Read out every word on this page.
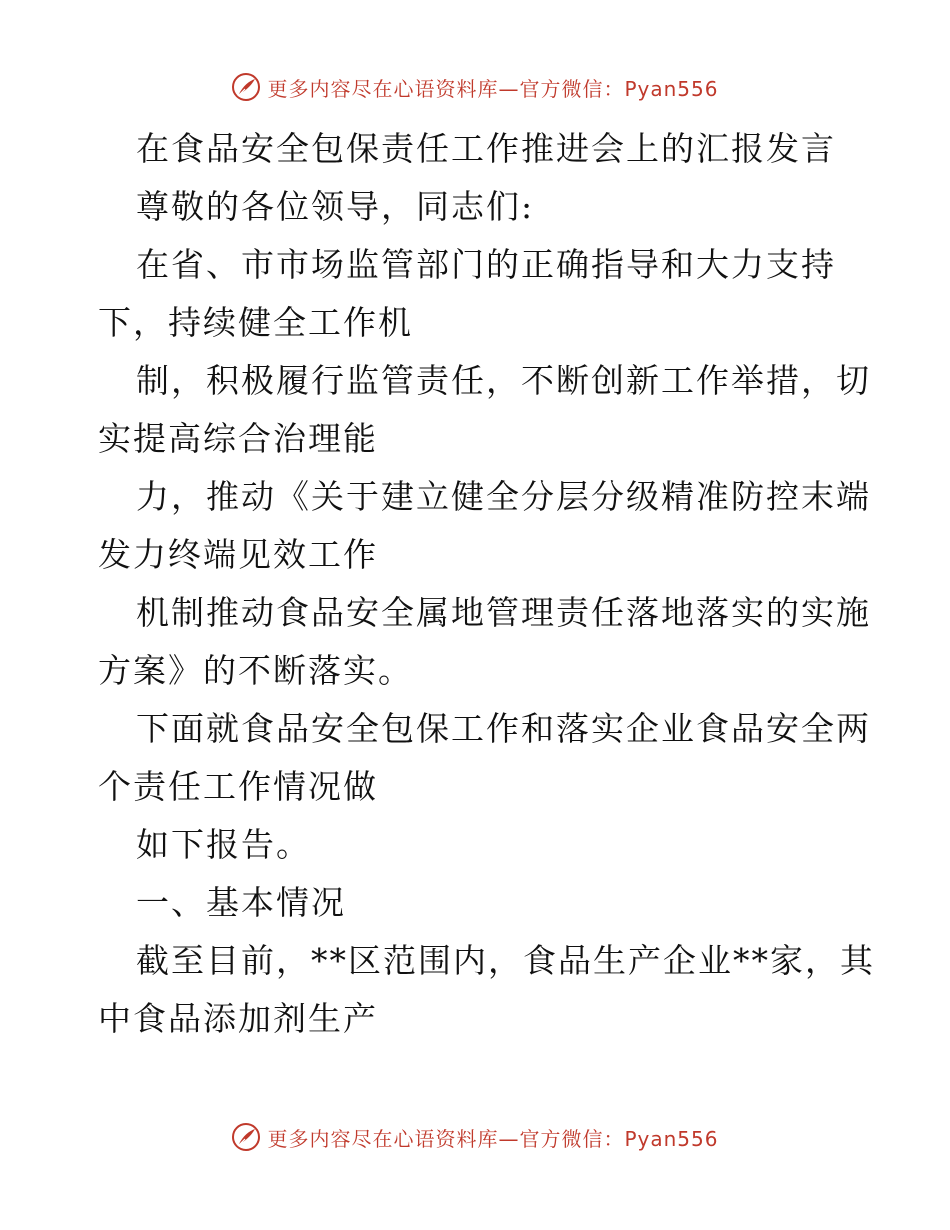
更多内容尽在心语资料库—官方微信：Pyan556
在食品安全包保责任工作推进会上的汇报发言
尊敬的各位领导，同志们:
在省、市市场监管部门的正确指导和大力支持
下，持续健全工作机
制，积极履行监管责任，不断创新工作举措，切
实提高综合治理能
力，推动《关于建立健全分层分级精准防控末端
发力终端见效工作
机制推动食品安全属地管理责任落地落实的实施
方案》的不断落实。
下面就食品安全包保工作和落实企业食品安全两
个责任工作情况做
如下报告。
一、基本情况
截至目前，**区范围内，食品生产企业**家，其
中食品添加剂生产
更多内容尽在心语资料库—官方微信：Pyan556
